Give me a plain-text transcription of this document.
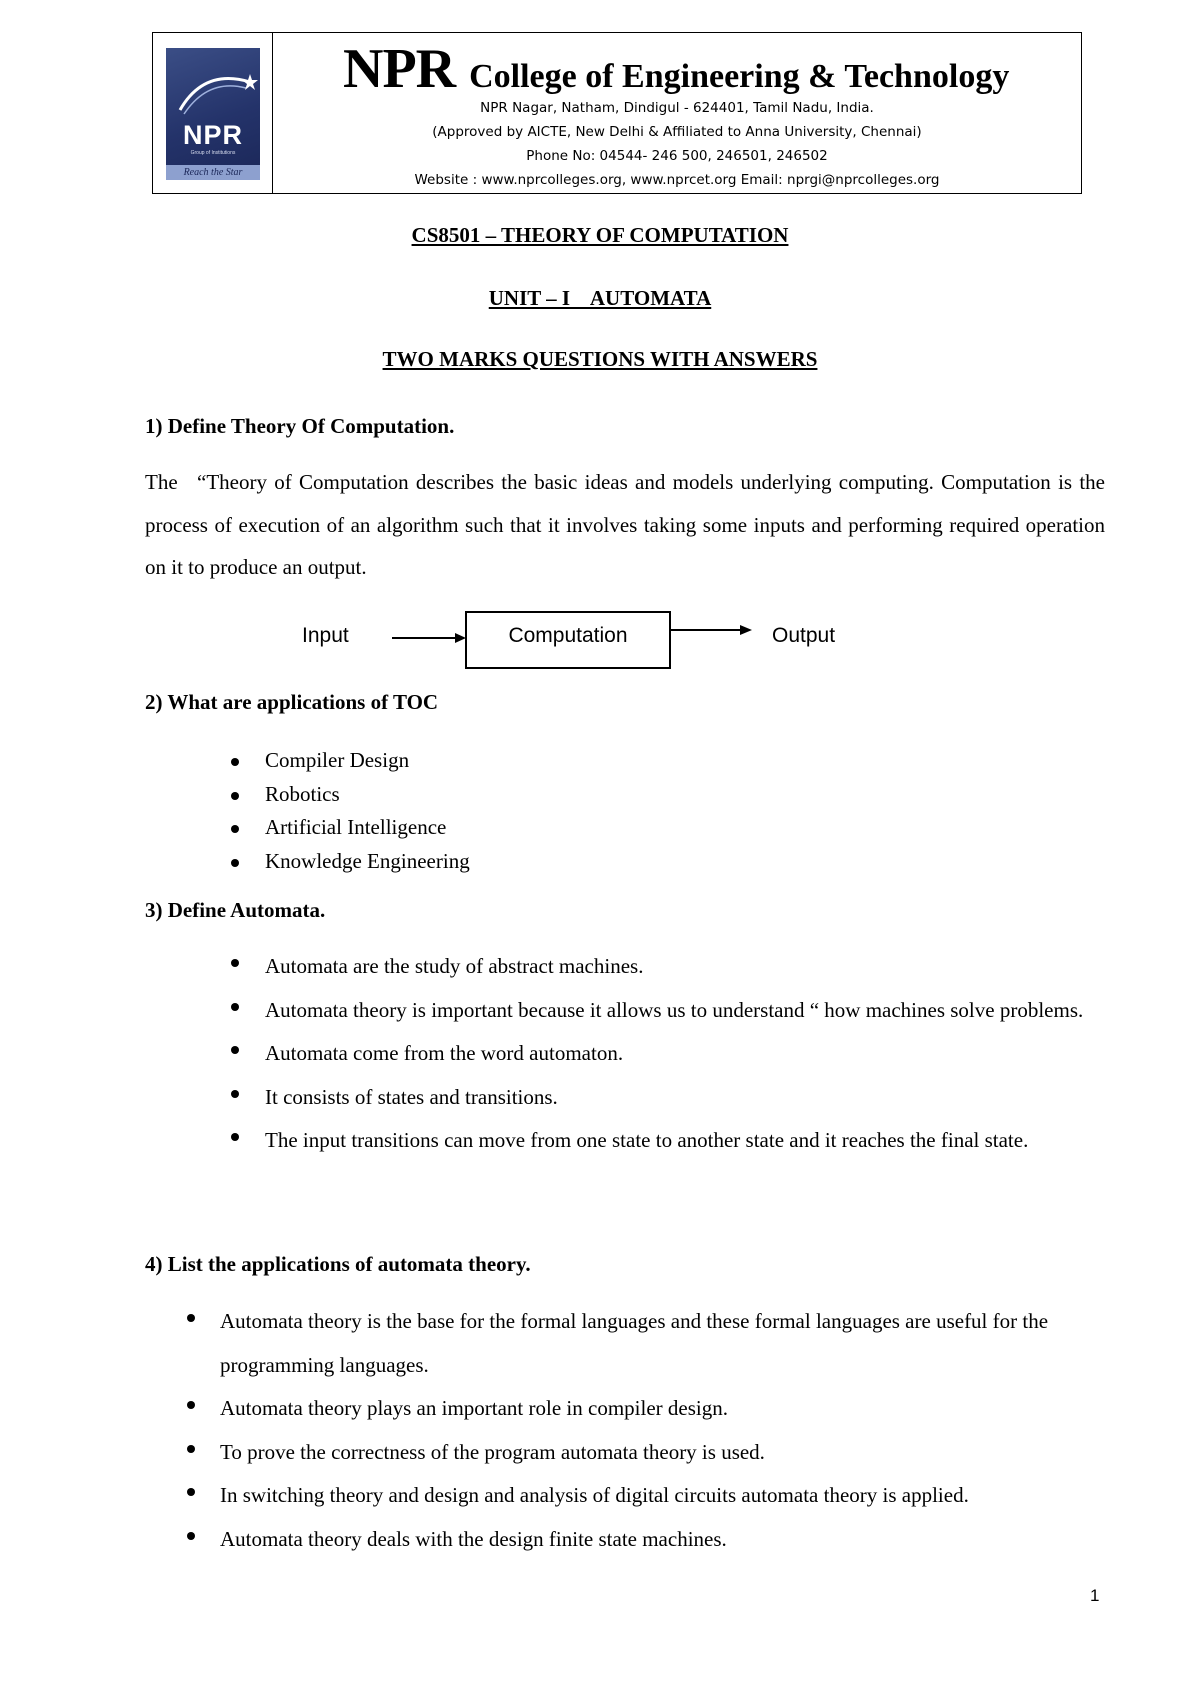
NPR
Group of Institutions
Reach the Star
NPR College of Engineering & Technology
NPR Nagar, Natham, Dindigul - 624401, Tamil Nadu, India.
(Approved by AICTE, New Delhi & Affiliated to Anna University, Chennai)
Phone No: 04544- 246 500, 246501, 246502
Website : www.nprcolleges.org, www.nprcet.org Email: nprgi@nprcolleges.org
CS8501 – THEORY OF COMPUTATION
UNIT – I    AUTOMATA
TWO MARKS QUESTIONS WITH ANSWERS
1) Define Theory Of Computation.
The “Theory of Computation describes the basic ideas and models underlying computing. Computation is the process of execution of an algorithm such that it involves taking some inputs and performing required operation on it to produce an output.
Input	Computation	Output
2) What are applications of TOC
Compiler Design
Robotics
Artificial Intelligence
Knowledge Engineering
3) Define Automata.
Automata are the study of abstract machines.
Automata theory is important because it allows us to understand “ how machines solve problems.
Automata come from the word automaton.
It consists of states and transitions.
The input transitions can move from one state to another state and it reaches the final state.
4) List the applications of automata theory.
Automata theory is the base for the formal languages and these formal languages are useful for the programming languages.
Automata theory plays an important role in compiler design.
To prove the correctness of the program automata theory is used.
In switching theory and design and analysis of digital circuits automata theory is applied.
Automata theory deals with the design finite state machines.
1
